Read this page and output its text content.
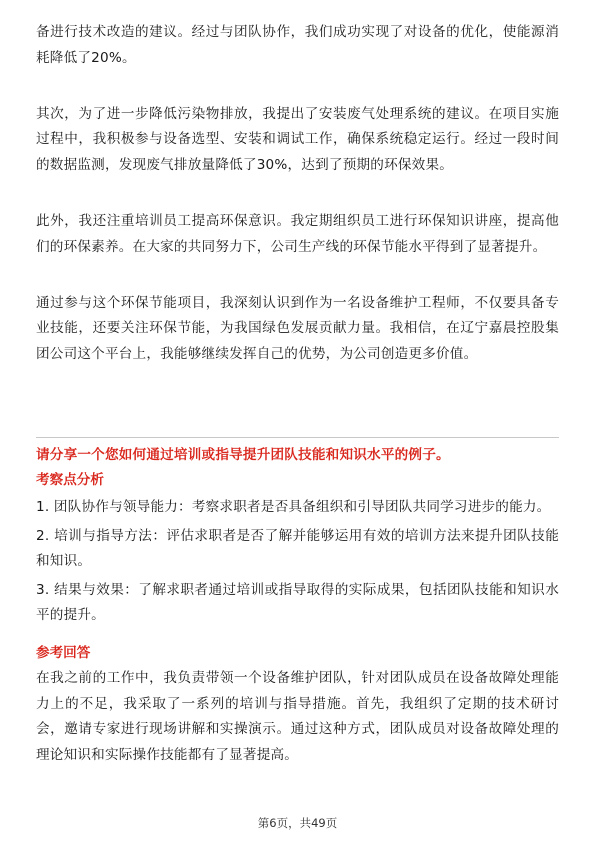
备进行技术改造的建议。经过与团队协作，我们成功实现了对设备的优化，使能源消耗降低了20%。

其次，为了进一步降低污染物排放，我提出了安装废气处理系统的建议。在项目实施过程中，我积极参与设备选型、安装和调试工作，确保系统稳定运行。经过一段时间的数据监测，发现废气排放量降低了30%，达到了预期的环保效果。

此外，我还注重培训员工提高环保意识。我定期组织员工进行环保知识讲座，提高他们的环保素养。在大家的共同努力下，公司生产线的环保节能水平得到了显著提升。

通过参与这个环保节能项目，我深刻认识到作为一名设备维护工程师，不仅要具备专业技能，还要关注环保节能，为我国绿色发展贡献力量。我相信，在辽宁嘉晨控股集团公司这个平台上，我能够继续发挥自己的优势，为公司创造更多价值。

请分享一个您如何通过培训或指导提升团队技能和知识水平的例子。

考察点分析

1. 团队协作与领导能力：考察求职者是否具备组织和引导团队共同学习进步的能力。

2. 培训与指导方法：评估求职者是否了解并能够运用有效的培训方法来提升团队技能和知识。

3. 结果与效果：了解求职者通过培训或指导取得的实际成果，包括团队技能和知识水平的提升。

参考回答

在我之前的工作中，我负责带领一个设备维护团队，针对团队成员在设备故障处理能力上的不足，我采取了一系列的培训与指导措施。首先，我组织了定期的技术研讨会，邀请专家进行现场讲解和实操演示。通过这种方式，团队成员对设备故障处理的理论知识和实际操作技能都有了显著提高。

第6页，共49页
